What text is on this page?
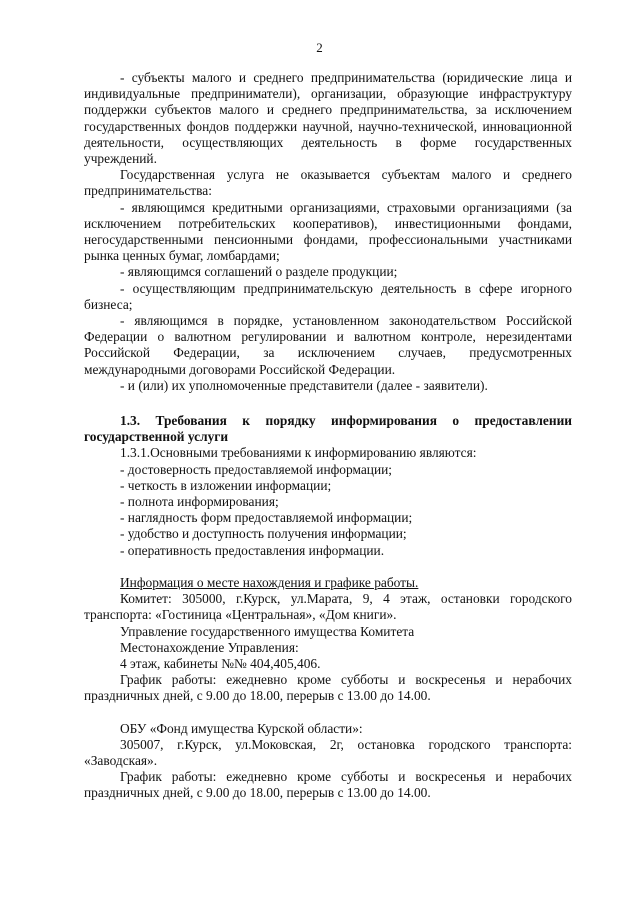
2

- субъекты малого и среднего предпринимательства (юридические лица и индивидуальные предприниматели), организации, образующие инфраструктуру поддержки субъектов малого и среднего предпринимательства, за исключением государственных фондов поддержки научной, научно-технической, инновационной деятельности, осуществляющих деятельность в форме государственных учреждений.

Государственная услуга не оказывается субъектам малого и среднего предпринимательства:

- являющимся кредитными организациями, страховыми организациями (за исключением потребительских кооперативов), инвестиционными фондами, негосударственными пенсионными фондами, профессиональными участниками рынка ценных бумаг, ломбардами;

- являющимся соглашений о разделе продукции;

- осуществляющим предпринимательскую деятельность в сфере игорного бизнеса;

- являющимся в порядке, установленном законодательством Российской Федерации о валютном регулировании и валютном контроле, нерезидентами Российской Федерации, за исключением случаев, предусмотренных международными договорами Российской Федерации.

- и (или) их уполномоченные представители (далее - заявители).

1.3. Требования к порядку информирования о предоставлении государственной услуги

1.3.1.Основными требованиями к информированию являются:

- достоверность предоставляемой информации;

- четкость в изложении информации;

- полнота информирования;

- наглядность форм предоставляемой информации;

- удобство и доступность получения информации;

- оперативность предоставления информации.

Информация о месте нахождения и графике работы.

Комитет: 305000, г.Курск, ул.Марата, 9, 4 этаж, остановки городского транспорта: «Гостиница «Центральная», «Дом книги».

Управление государственного имущества Комитета

Местонахождение Управления:

4 этаж, кабинеты №№ 404,405,406.

График работы: ежедневно кроме субботы и воскресенья и нерабочих праздничных дней, с 9.00 до 18.00, перерыв с 13.00 до 14.00.

ОБУ «Фонд имущества Курской области»:

305007, г.Курск, ул.Моковская, 2г, остановка городского транспорта: «Заводская».

График работы: ежедневно кроме субботы и воскресенья и нерабочих праздничных дней, с 9.00 до 18.00, перерыв с 13.00 до 14.00.
